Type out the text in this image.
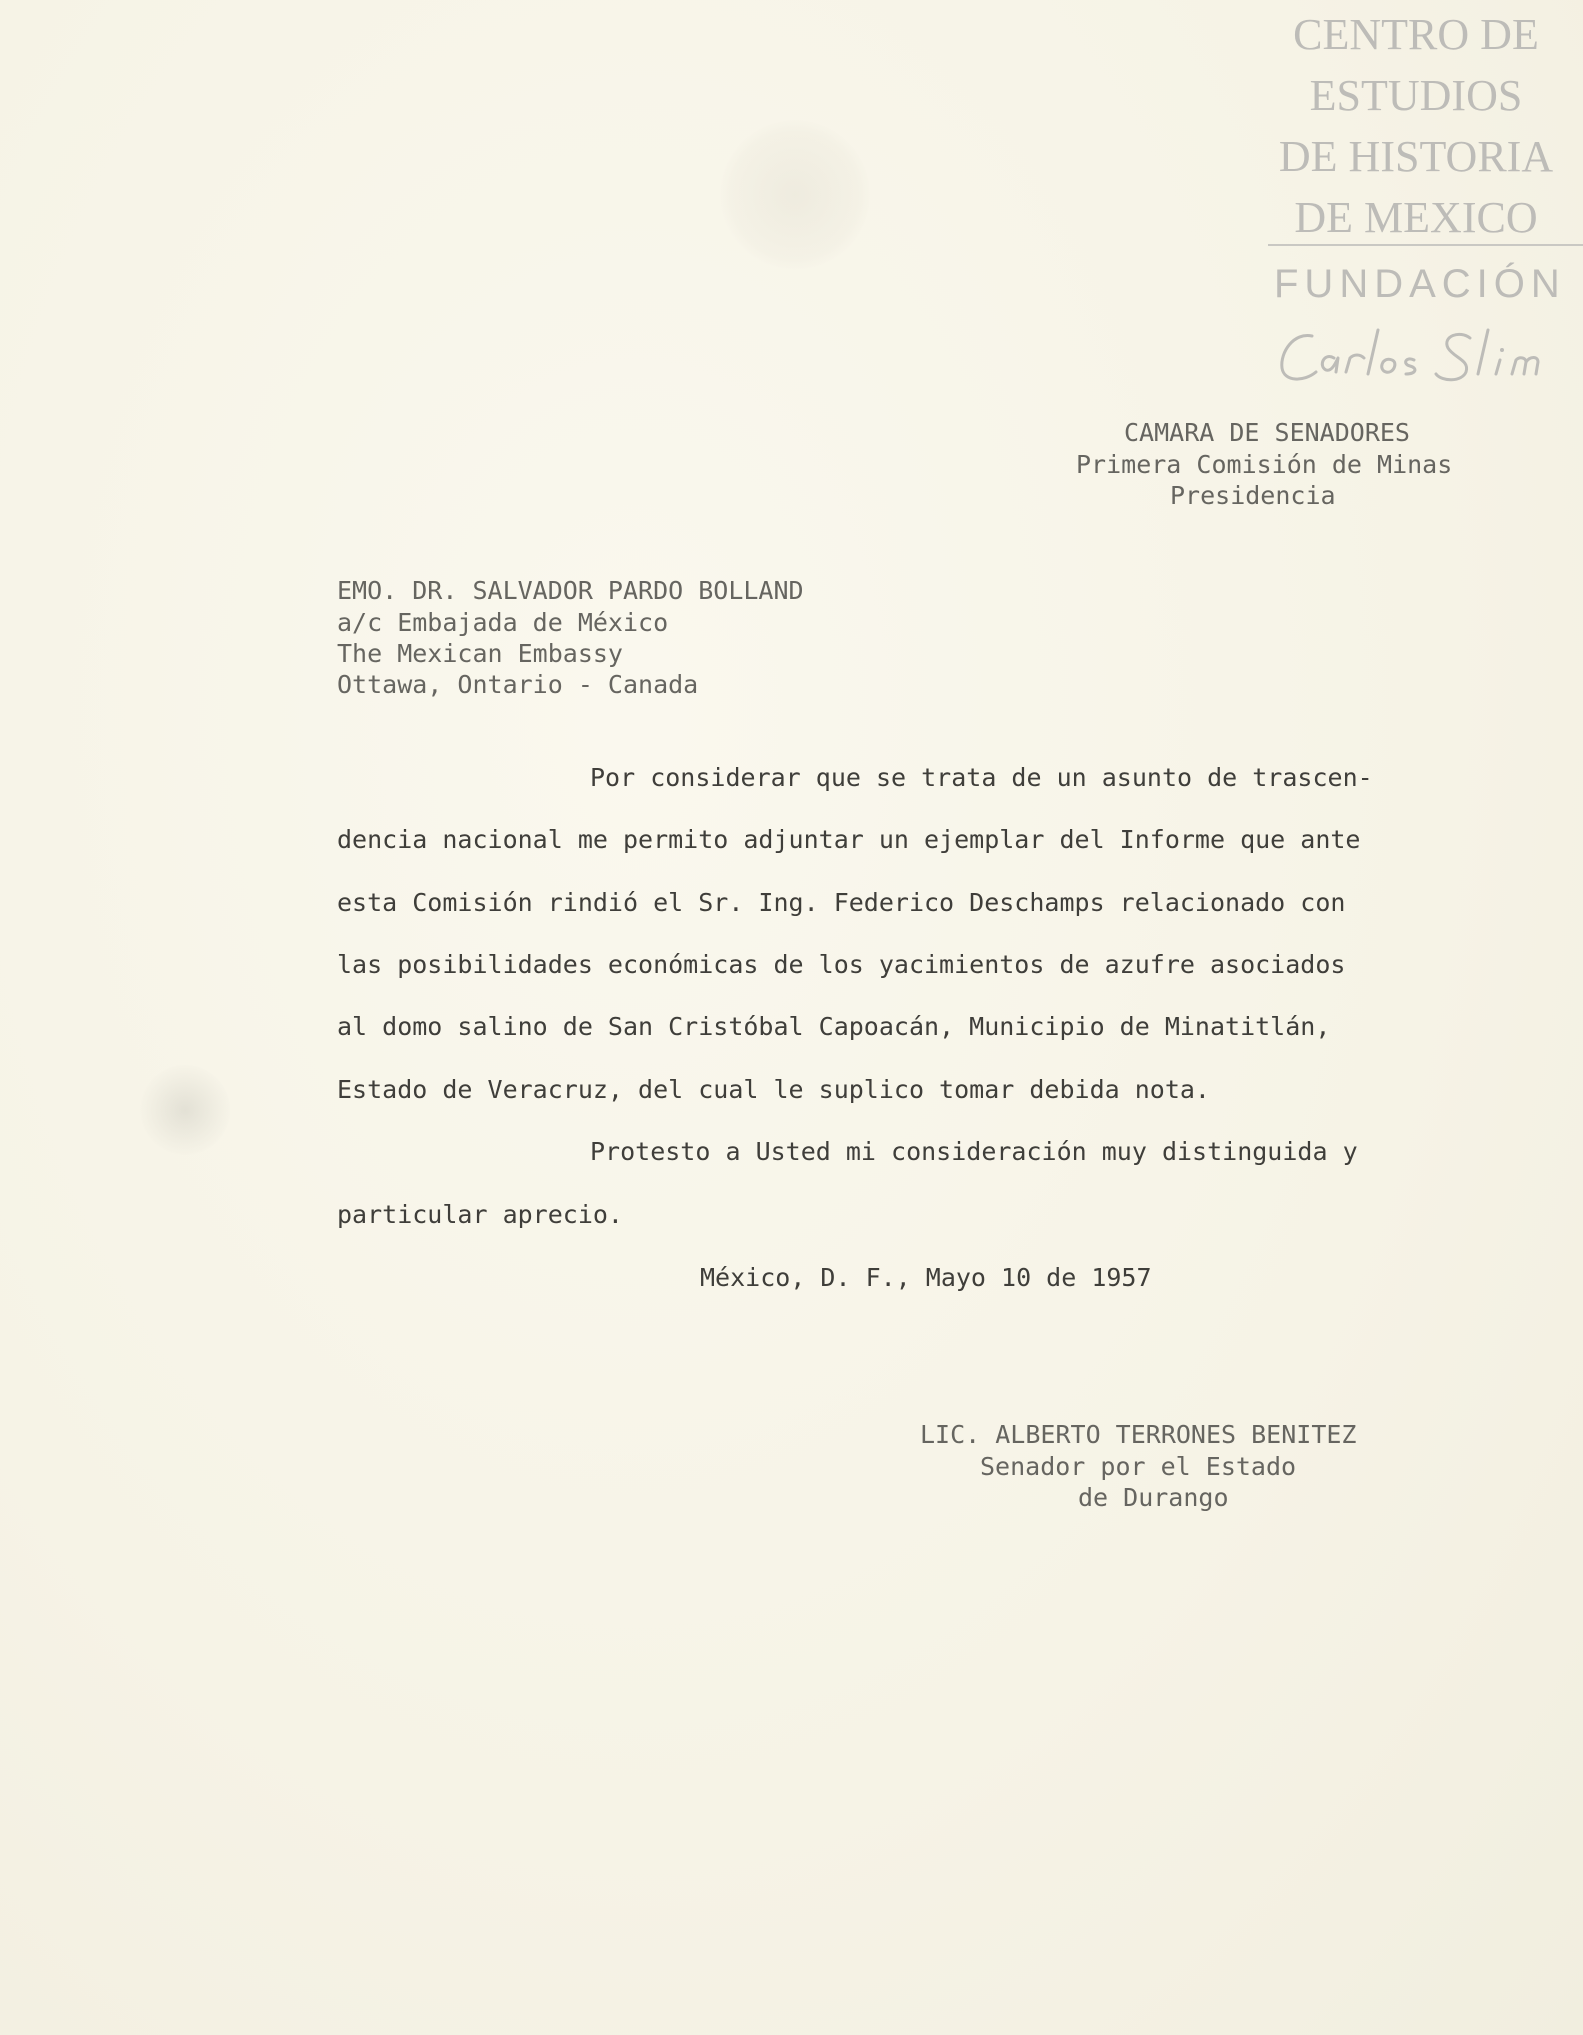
CENTRO DE
ESTUDIOS
DE HISTORIA
DE MEXICO
FUNDACIÓN
CAMARA DE SENADORES
Primera Comisión de Minas
Presidencia
EMO. DR. SALVADOR PARDO BOLLAND
a/c Embajada de México
The Mexican Embassy
Ottawa, Ontario - Canada
Por considerar que se trata de un asunto de trascen-
dencia nacional me permito adjuntar un ejemplar del Informe que ante
esta Comisión rindió el Sr. Ing. Federico Deschamps relacionado con
las posibilidades económicas de los yacimientos de azufre asociados
al domo salino de San Cristóbal Capoacán, Municipio de Minatitlán,
Estado de Veracruz, del cual le suplico tomar debida nota.
Protesto a Usted mi consideración muy distinguida y
particular aprecio.
México, D. F., Mayo 10 de 1957
LIC. ALBERTO TERRONES BENITEZ
Senador por el Estado
de Durango
